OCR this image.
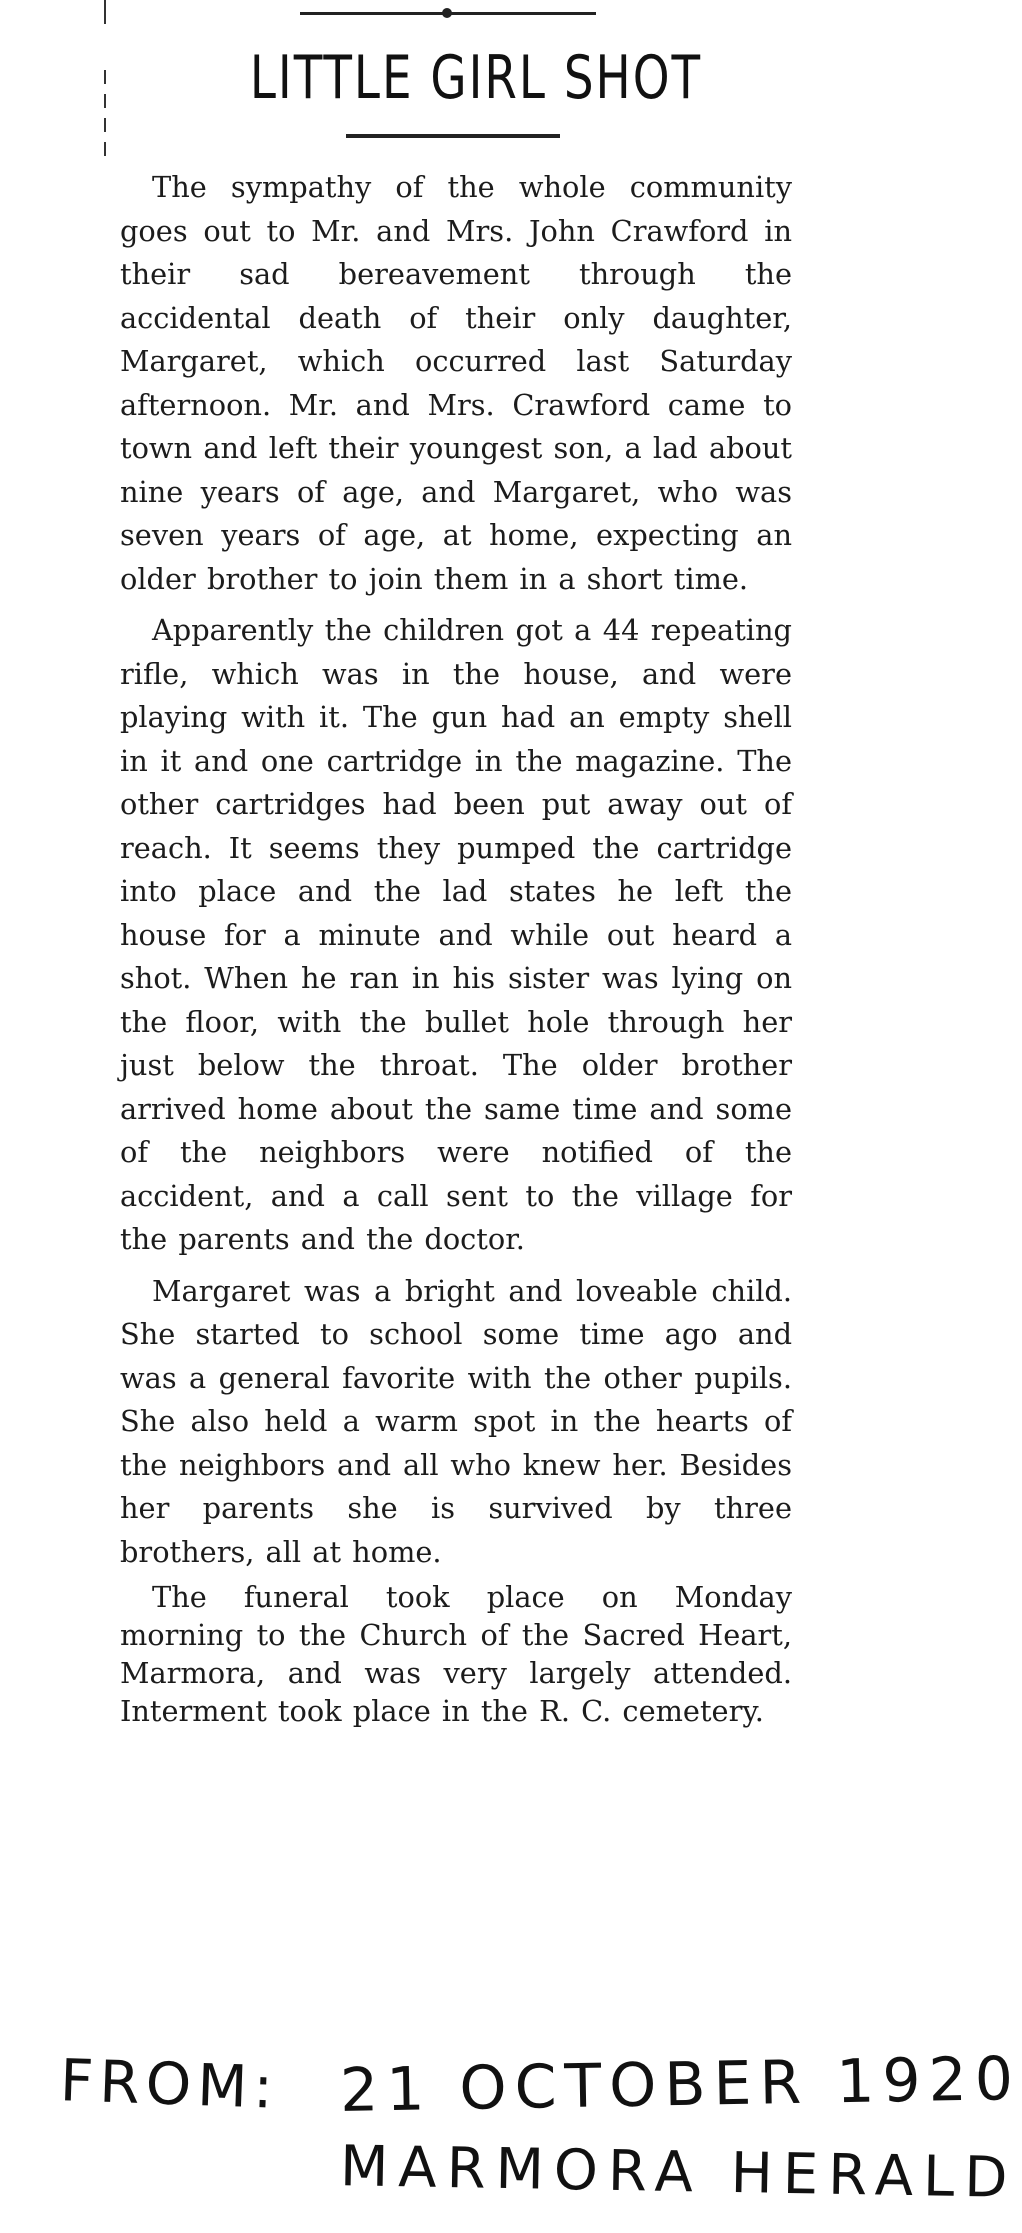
LITTLE GIRL SHOT

The sympathy of the whole community goes out to Mr. and Mrs. John Crawford in their sad bereavement through the accidental death of their only daughter, Margaret, which occurred last Saturday afternoon. Mr. and Mrs. Crawford came to town and left their youngest son, a lad about nine years of age, and Margaret, who was seven years of age, at home, expecting an older brother to join them in a short time.

Apparently the children got a 44 repeating rifle, which was in the house, and were playing with it. The gun had an empty shell in it and one cartridge in the magazine. The other cartridges had been put away out of reach. It seems they pumped the cartridge into place and the lad states he left the house for a minute and while out heard a shot. When he ran in his sister was lying on the floor, with the bullet hole through her just below the throat. The older brother arrived home about the same time and some of the neighbors were notified of the accident, and a call sent to the village for the parents and the doctor.

Margaret was a bright and loveable child. She started to school some time ago and was a general favorite with the other pupils. She also held a warm spot in the hearts of the neighbors and all who knew her. Besides her parents she is survived by three brothers, all at home.

The funeral took place on Monday morning to the Church of the Sacred Heart, Marmora, and was very largely attended. Interment took place in the R. C. cemetery.

FROM: 21 OCTOBER 1920
MARMORA HERALD
